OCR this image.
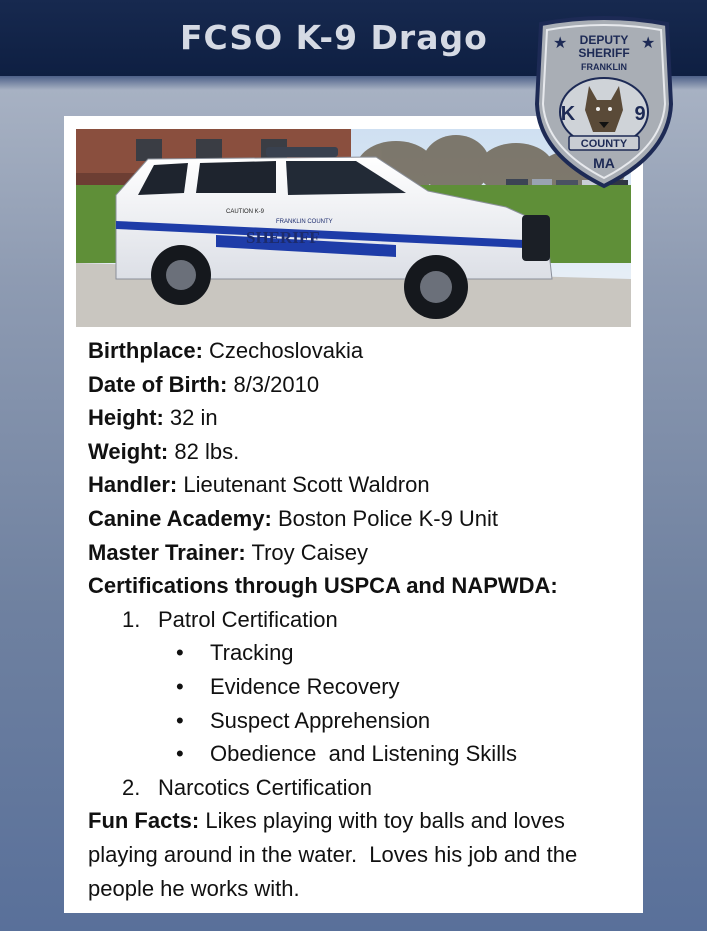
FCSO K-9 Drago
FRANKLIN COUNTY
SHERIFF
CAUTION K-9

Birthplace: Czechoslovakia

Date of Birth: 8/3/2010

Height: 32 in

Weight: 82 lbs.

Handler: Lieutenant Scott Waldron

Canine Academy: Boston Police K-9 Unit

Master Trainer: Troy Caisey

Certifications through USPCA and NAPWDA:

1. Patrol Certification

• Tracking

• Evidence Recovery

• Suspect Apprehension

• Obedience  and Listening Skills

2. Narcotics Certification

Fun Facts: Likes playing with toy balls and loves playing around in the water.  Loves his job and the people he works with.

DEPUTY
SHERIFF
FRANKLIN
★	★
K	9
COUNTY
MA
